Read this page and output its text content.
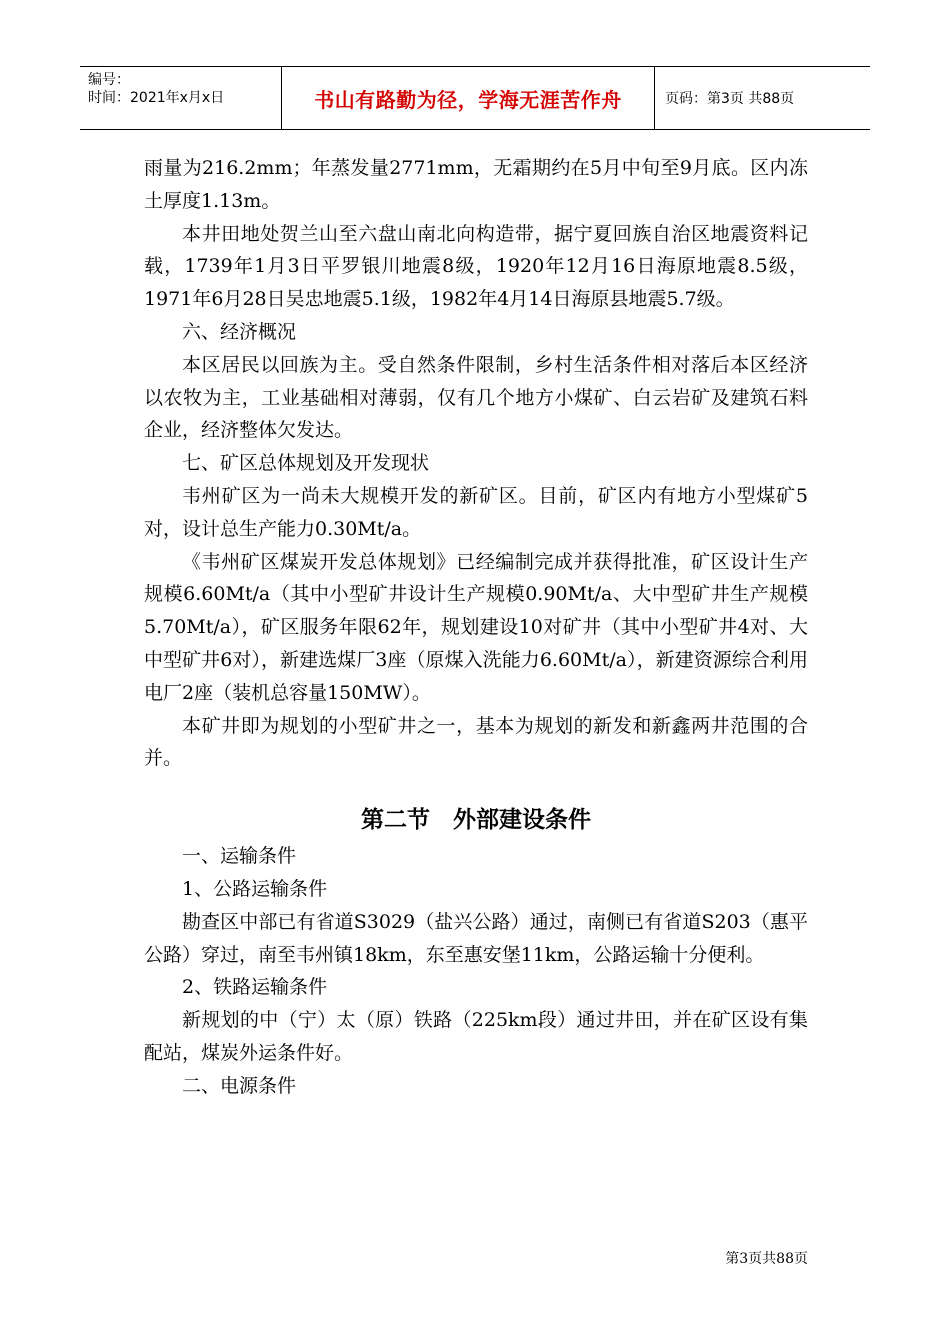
编号：
时间：2021年x月x日	书山有路勤为径，学海无涯苦作舟	页码：第3页 共88页

雨量为216.2mm；年蒸发量2771mm，无霜期约在5月中旬至9月底。区内冻土厚度1.13m。

本井田地处贺兰山至六盘山南北向构造带，据宁夏回族自治区地震资料记载，1739年1月3日平罗银川地震8级，1920年12月16日海原地震8.5级，1971年6月28日吴忠地震5.1级，1982年4月14日海原县地震5.7级。

六、经济概况

本区居民以回族为主。受自然条件限制，乡村生活条件相对落后本区经济以农牧为主，工业基础相对薄弱，仅有几个地方小煤矿、白云岩矿及建筑石料企业，经济整体欠发达。

七、矿区总体规划及开发现状

韦州矿区为一尚未大规模开发的新矿区。目前，矿区内有地方小型煤矿5对，设计总生产能力0.30Mt/a。

《韦州矿区煤炭开发总体规划》已经编制完成并获得批准，矿区设计生产规模6.60Mt/a（其中小型矿井设计生产规模0.90Mt/a、大中型矿井生产规模5.70Mt/a），矿区服务年限62年，规划建设10对矿井（其中小型矿井4对、大中型矿井6对），新建选煤厂3座（原煤入洗能力6.60Mt/a），新建资源综合利用电厂2座（装机总容量150MW）。

本矿井即为规划的小型矿井之一，基本为规划的新发和新鑫两井范围的合并。

第二节　外部建设条件

一、运输条件

1、公路运输条件

勘查区中部已有省道S3029（盐兴公路）通过，南侧已有省道S203（惠平公路）穿过，南至韦州镇18km，东至惠安堡11km，公路运输十分便利。

2、铁路运输条件

新规划的中（宁）太（原）铁路（225km段）通过井田，并在矿区设有集配站，煤炭外运条件好。

二、电源条件

第3页共88页
